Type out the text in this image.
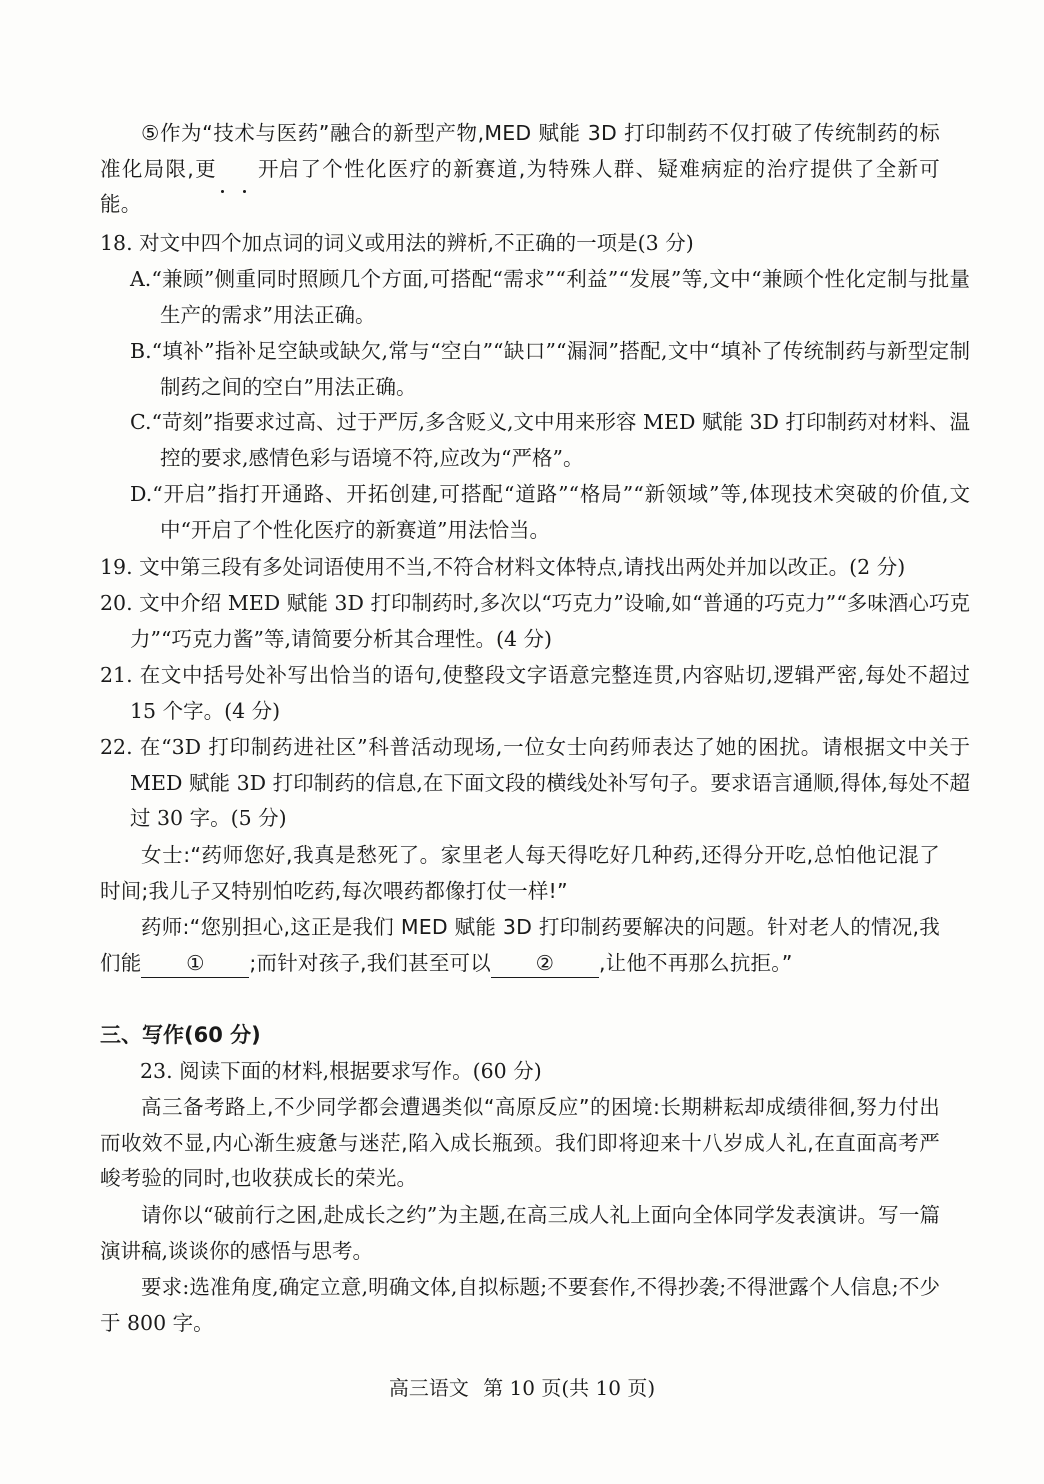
⑤作为“技术与医药”融合的新型产物,MED 赋能 3D 打印制药不仅打破了传统制药的标准化局限,更 开启
了个性化医疗的新赛道,为特殊人群、疑难病症的治疗提供了全新可能。
18. 对文中四个加点词的词义或用法的辨析,不正确的一项是(3 分)
A.“兼顾”侧重同时照顾几个方面,可搭配“需求”“利益”“发展”等,文中“兼顾个性化定制与批量生产的需求”用法正确。
B.“填补”指补足空缺或缺欠,常与“空白”“缺口”“漏洞”搭配,文中“填补了传统制药与新型定制制药之间的空白”用法正确。
C.“苛刻”指要求过高、过于严厉,多含贬义,文中用来形容 MED 赋能 3D 打印制药对材料、温控的要求,感情色彩与语境不符,应改为“严格”。
D.“开启”指打开通路、开拓创建,可搭配“道路”“格局”“新领域”等,体现技术突破的价值,文中“开启了个性化医疗的新赛道”用法恰当。
19. 文中第三段有多处词语使用不当,不符合材料文体特点,请找出两处并加以改正。(2 分)
20. 文中介绍 MED 赋能 3D 打印制药时,多次以“巧克力”设喻,如“普通的巧克力”“多味酒心巧克力”“巧克力酱”等,请简要分析其合理性。(4 分)
21. 在文中括号处补写出恰当的语句,使整段文字语意完整连贯,内容贴切,逻辑严密,每处不超过 15 个字。(4 分)
22. 在“3D 打印制药进社区”科普活动现场,一位女士向药师表达了她的困扰。请根据文中关于 MED 赋能 3D 打印制药的信息,在下面文段的横线处补写句子。要求语言通顺,得体,每处不超过 30 字。(5 分)
女士:“药师您好,我真是愁死了。家里老人每天得吃好几种药,还得分开吃,总怕他记混了时间;我儿子又特别怕吃药,每次喂药都像打仗一样!”
药师:“您别担心,这正是我们 MED 赋能 3D 打印制药要解决的问题。针对老人的情况,我们能 ① ;而针对孩子,我们甚至可以 ② ,让他不再那么抗拒。”
三、写作(60 分)
23. 阅读下面的材料,根据要求写作。(60 分)
高三备考路上,不少同学都会遭遇类似“高原反应”的困境:长期耕耘却成绩徘徊,努力付出而收效不显,内心渐生疲惫与迷茫,陷入成长瓶颈。我们即将迎来十八岁成人礼,在直面高考严峻考验的同时,也收获成长的荣光。
请你以“破前行之困,赴成长之约”为主题,在高三成人礼上面向全体同学发表演讲。写一篇演讲稿,谈谈你的感悟与思考。
要求:选准角度,确定立意,明确文体,自拟标题;不要套作,不得抄袭;不得泄露个人信息;不少于 800 字。
高三语文 第 10 页(共 10 页)
